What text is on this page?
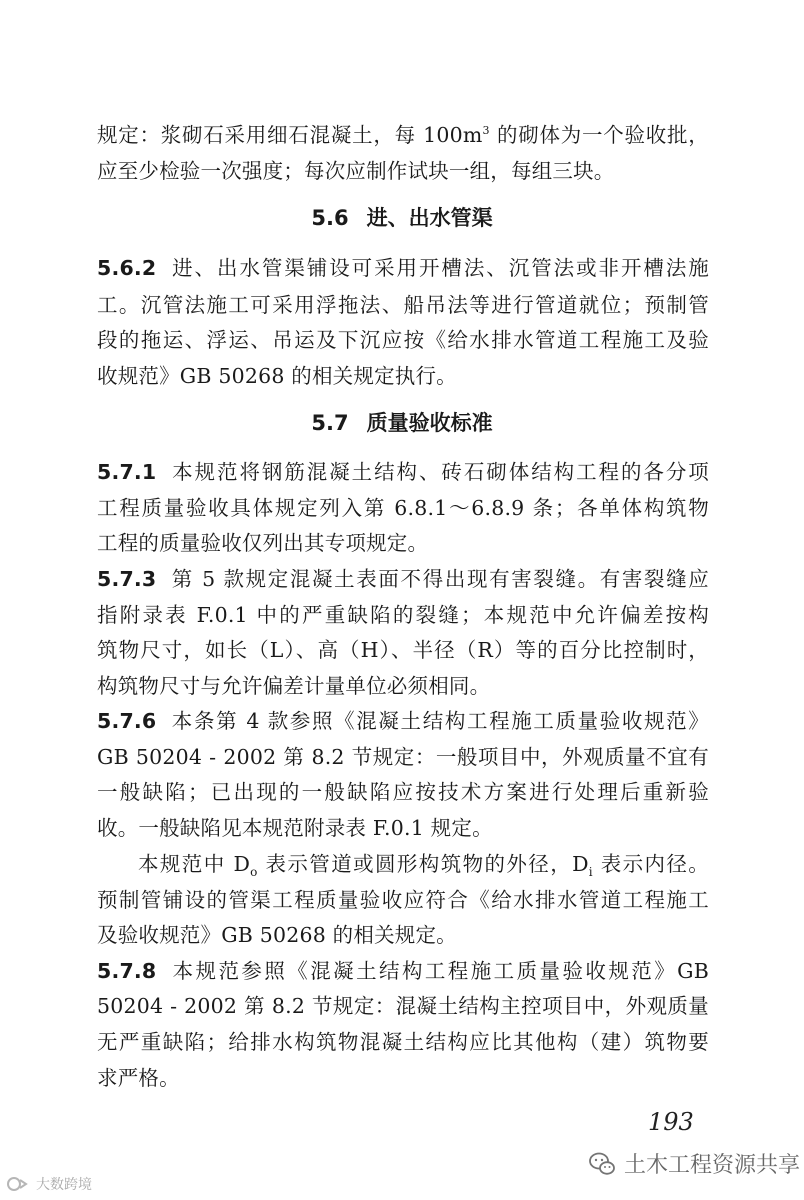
规定：浆砌石采用细石混凝土，每 $100m^3$ 的砌体为一个验收批，
应至少检验一次强度；每次应制作试块一组，每组三块。
5.6 进、出水管渠
5.6.2 进、出水管渠铺设可采用开槽法、沉管法或非开槽法施
工。沉管法施工可采用浮拖法、船吊法等进行管道就位；预制管
段的拖运、浮运、吊运及下沉应按《给水排水管道工程施工及验
收规范》GB 50268 的相关规定执行。
5.7 质量验收标准
5.7.1 本规范将钢筋混凝土结构、砖石砌体结构工程的各分项
工程质量验收具体规定列入第 6.8.1～6.8.9 条；各单体构筑物
工程的质量验收仅列出其专项规定。
5.7.3 第 5 款规定混凝土表面不得出现有害裂缝。有害裂缝应
指附录表 F.0.1 中的严重缺陷的裂缝；本规范中允许偏差按构
筑物尺寸，如长（L）、高（H）、半径（R）等的百分比控制时，
构筑物尺寸与允许偏差计量单位必须相同。
5.7.6 本条第 4 款参照《混凝土结构工程施工质量验收规范》
GB 50204 - 2002 第 8.2 节规定：一般项目中，外观质量不宜有
一般缺陷；已出现的一般缺陷应按技术方案进行处理后重新验
收。一般缺陷见本规范附录表 F.0.1 规定。
本规范中 $D_o$ 表示管道或圆形构筑物的外径，$D_i$ 表示内径。
预制管铺设的管渠工程质量验收应符合《给水排水管道工程施工
及验收规范》GB 50268 的相关规定。
5.7.8 本规范参照《混凝土结构工程施工质量验收规范》GB
50204 - 2002 第 8.2 节规定：混凝土结构主控项目中，外观质量
无严重缺陷；给排水构筑物混凝土结构应比其他构（建）筑物要
求严格。
193
大数跨境
土木工程资源共享
